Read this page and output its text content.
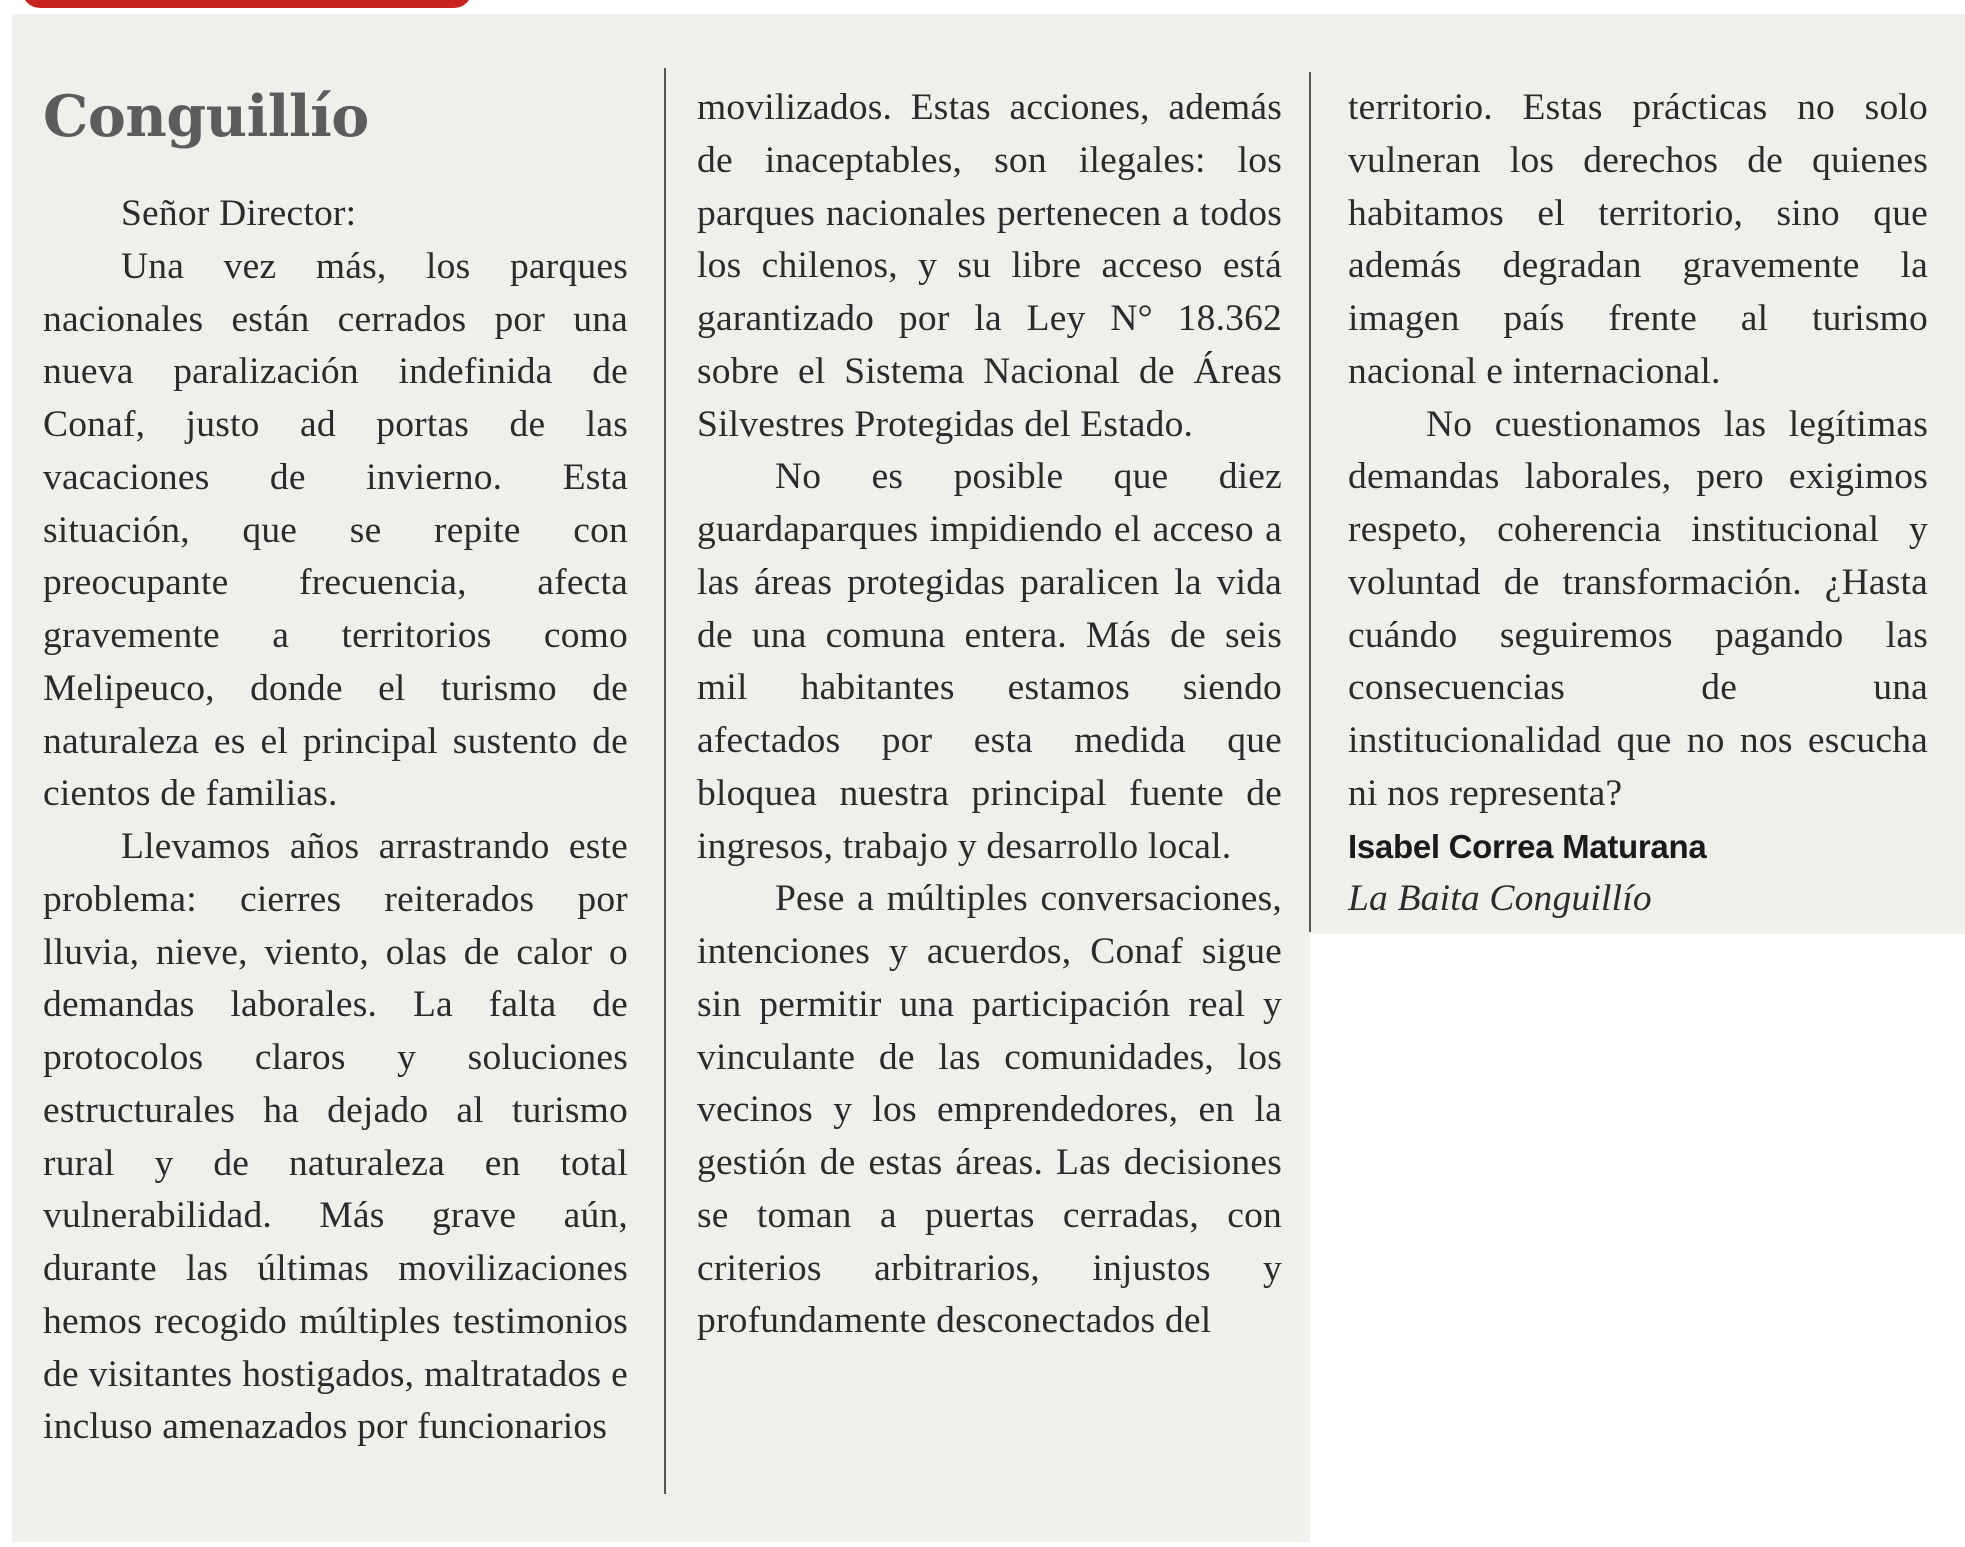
Conguillío

Señor Director:

Una vez más, los parques nacionales están cerrados por una nueva paralización indefinida de Conaf, justo ad portas de las vacaciones de invierno. Esta situación, que se repite con preocupante frecuencia, afecta gravemente a territorios como Melipeuco, donde el turismo de naturaleza es el principal sustento de cientos de familias.

Llevamos años arrastrando este problema: cierres reiterados por lluvia, nieve, viento, olas de calor o demandas laborales. La falta de protocolos claros y soluciones estructurales ha dejado al turismo rural y de naturaleza en total vulnerabilidad. Más grave aún, durante las últimas movilizaciones hemos recogido múltiples testimonios de visitantes hostigados, maltratados e incluso amenazados por funcionarios

movilizados. Estas acciones, además de inaceptables, son ilegales: los parques nacionales pertenecen a todos los chilenos, y su libre acceso está garantizado por la Ley N° 18.362 sobre el Sistema Nacional de Áreas Silvestres Protegidas del Estado.

No es posible que diez guardaparques impidiendo el acceso a las áreas protegidas paralicen la vida de una comuna entera. Más de seis mil habitantes estamos siendo afectados por esta medida que bloquea nuestra principal fuente de ingresos, trabajo y desarrollo local.

Pese a múltiples conversaciones, intenciones y acuerdos, Conaf sigue sin permitir una participación real y vinculante de las comunidades, los vecinos y los emprendedores, en la gestión de estas áreas. Las decisiones se toman a puertas cerradas, con criterios arbitrarios, injustos y profundamente desconectados del

territorio. Estas prácticas no solo vulneran los derechos de quienes habitamos el territorio, sino que además degradan gravemente la imagen país frente al turismo nacional e internacional.

No cuestionamos las legítimas demandas laborales, pero exigimos respeto, coherencia institucional y voluntad de transformación. ¿Hasta cuándo seguiremos pagando las consecuencias de una institucionalidad que no nos escucha ni nos representa?

Isabel Correa Maturana

La Baita Conguillío
